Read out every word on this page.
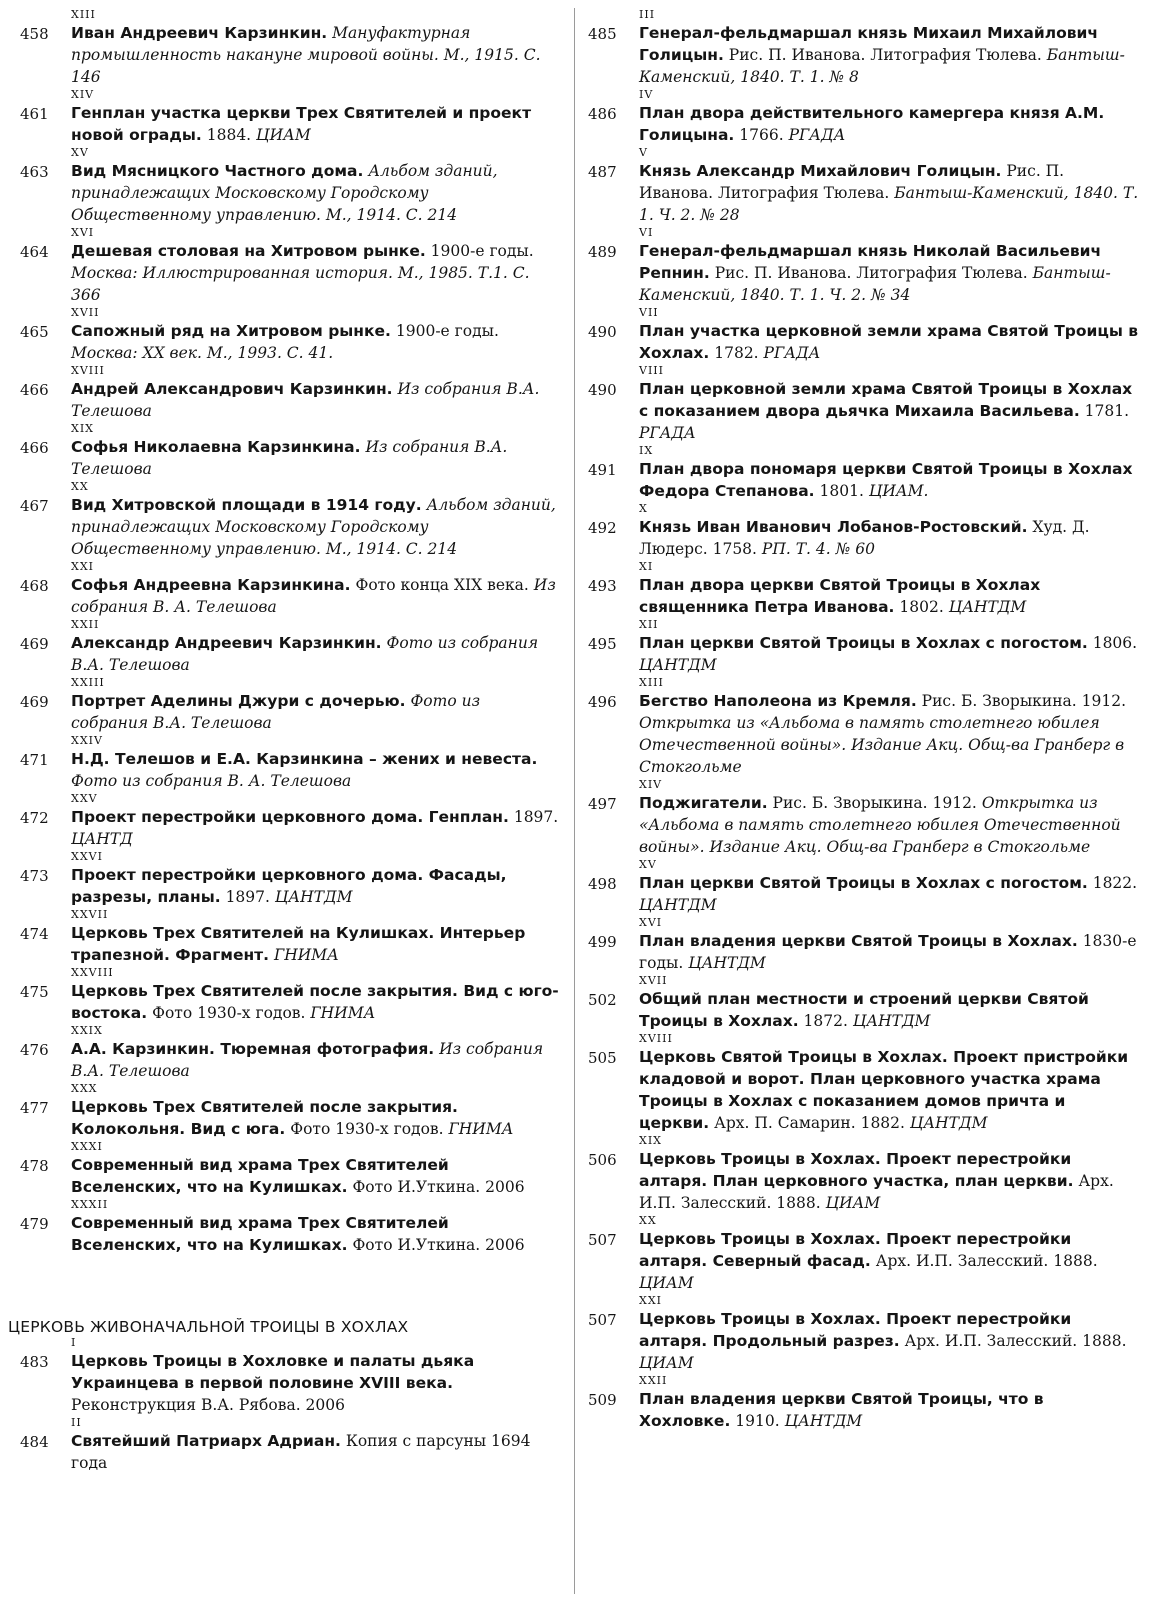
XIII
458	Иван Андреевич Карзинкин. Мануфактурная промышленность накануне мировой войны. М., 1915. С. 146
XIV
461	Генплан участка церкви Трех Святителей и проект новой ограды. 1884. ЦИАМ
XV
463	Вид Мясницкого Частного дома. Альбом зданий, принадлежащих Московскому Городскому Общественному управлению. М., 1914. С. 214
XVI
464	Дешевая столовая на Хитровом рынке. 1900-е годы. Москва: Иллюстрированная история. М., 1985. Т.1. С. 366
XVII
465	Сапожный ряд на Хитровом рынке. 1900-е годы. Москва: XX век. М., 1993. С. 41.
XVIII
466	Андрей Александрович Карзинкин. Из собрания В.А. Телешова
XIX
466	Софья Николаевна Карзинкина. Из собрания В.А. Телешова
XX
467	Вид Хитровской площади в 1914 году. Альбом зданий, принадлежащих Московскому Городскому Общественному управлению. М., 1914. С. 214
XXI
468	Софья Андреевна Карзинкина. Фото конца XIX века. Из собрания В. А. Телешова
XXII
469	Александр Андреевич Карзинкин. Фото из собрания В.А. Телешова
XXIII
469	Портрет Аделины Джури с дочерью. Фото из собрания В.А. Телешова
XXIV
471	Н.Д. Телешов и Е.А. Карзинкина – жених и невеста. Фото из собрания В. А. Телешова
XXV
472	Проект перестройки церковного дома. Генплан. 1897. ЦАНТД
XXVI
473	Проект перестройки церковного дома. Фасады, разрезы, планы. 1897. ЦАНТДМ
XXVII
474	Церковь Трех Святителей на Кулишках. Интерьер трапезной. Фрагмент. ГНИМА
XXVIII
475	Церковь Трех Святителей после закрытия. Вид с юго-востока. Фото 1930-х годов. ГНИМА
XXIX
476	А.А. Карзинкин. Тюремная фотография. Из собрания В.А. Телешова
XXX
477	Церковь Трех Святителей после закрытия. Колокольня. Вид с юга. Фото 1930-х годов. ГНИМА
XXXI
478	Современный вид храма Трех Святителей Вселенских, что на Кулишках. Фото И.Уткина. 2006
XXXII
479	Современный вид храма Трех Святителей Вселенских, что на Кулишках. Фото И.Уткина. 2006
ЦЕРКОВЬ ЖИВОНАЧАЛЬНОЙ ТРОИЦЫ В ХОХЛАХ
I
483	Церковь Троицы в Хохловке и палаты дьяка Украинцева в первой половине XVIII века. Реконструкция В.А. Рябова. 2006
II
484	Святейший Патриарх Адриан. Копия с парсуны 1694 года
III
485	Генерал-фельдмаршал князь Михаил Михайлович Голицын. Рис. П. Иванова. Литография Тюлева. Бантыш-Каменский, 1840. Т. 1. № 8
IV
486	План двора действительного камергера князя А.М. Голицына. 1766. РГАДА
V
487	Князь Александр Михайлович Голицын. Рис. П. Иванова. Литография Тюлева. Бантыш-Каменский, 1840. Т. 1. Ч. 2. № 28
VI
489	Генерал-фельдмаршал князь Николай Васильевич Репнин. Рис. П. Иванова. Литография Тюлева. Бантыш-Каменский, 1840. Т. 1. Ч. 2. № 34
VII
490	План участка церковной земли храма Святой Троицы в Хохлах. 1782. РГАДА
VIII
490	План церковной земли храма Святой Троицы в Хохлах с показанием двора дьячка Михаила Васильева. 1781. РГАДА
IX
491	План двора пономаря церкви Святой Троицы в Хохлах Федора Степанова. 1801. ЦИАМ.
X
492	Князь Иван Иванович Лобанов-Ростовский. Худ. Д. Людерс. 1758. РП. Т. 4. № 60
XI
493	План двора церкви Святой Троицы в Хохлах священника Петра Иванова. 1802. ЦАНТДМ
XII
495	План церкви Святой Троицы в Хохлах с погостом. 1806. ЦАНТДМ
XIII
496	Бегство Наполеона из Кремля. Рис. Б. Зворыкина. 1912. Открытка из «Альбома в память столетнего юбилея Отечественной войны». Издание Акц. Общ-ва Гранберг в Стокгольме
XIV
497	Поджигатели. Рис. Б. Зворыкина. 1912. Открытка из «Альбома в память столетнего юбилея Отечественной войны». Издание Акц. Общ-ва Гранберг в Стокгольме
XV
498	План церкви Святой Троицы в Хохлах с погостом. 1822. ЦАНТДМ
XVI
499	План владения церкви Святой Троицы в Хохлах. 1830-е годы. ЦАНТДМ
XVII
502	Общий план местности и строений церкви Святой Троицы в Хохлах. 1872. ЦАНТДМ
XVIII
505	Церковь Святой Троицы в Хохлах. Проект пристройки кладовой и ворот. План церковного участка храма Троицы в Хохлах с показанием домов причта и церкви. Арх. П. Самарин. 1882. ЦАНТДМ
XIX
506	Церковь Троицы в Хохлах. Проект перестройки алтаря. План церковного участка, план церкви. Арх. И.П. Залесский. 1888. ЦИАМ
XX
507	Церковь Троицы в Хохлах. Проект перестройки алтаря. Северный фасад. Арх. И.П. Залесский. 1888. ЦИАМ
XXI
507	Церковь Троицы в Хохлах. Проект перестройки алтаря. Продольный разрез. Арх. И.П. Залесский. 1888. ЦИАМ
XXII
509	План владения церкви Святой Троицы, что в Хохловке. 1910. ЦАНТДМ
